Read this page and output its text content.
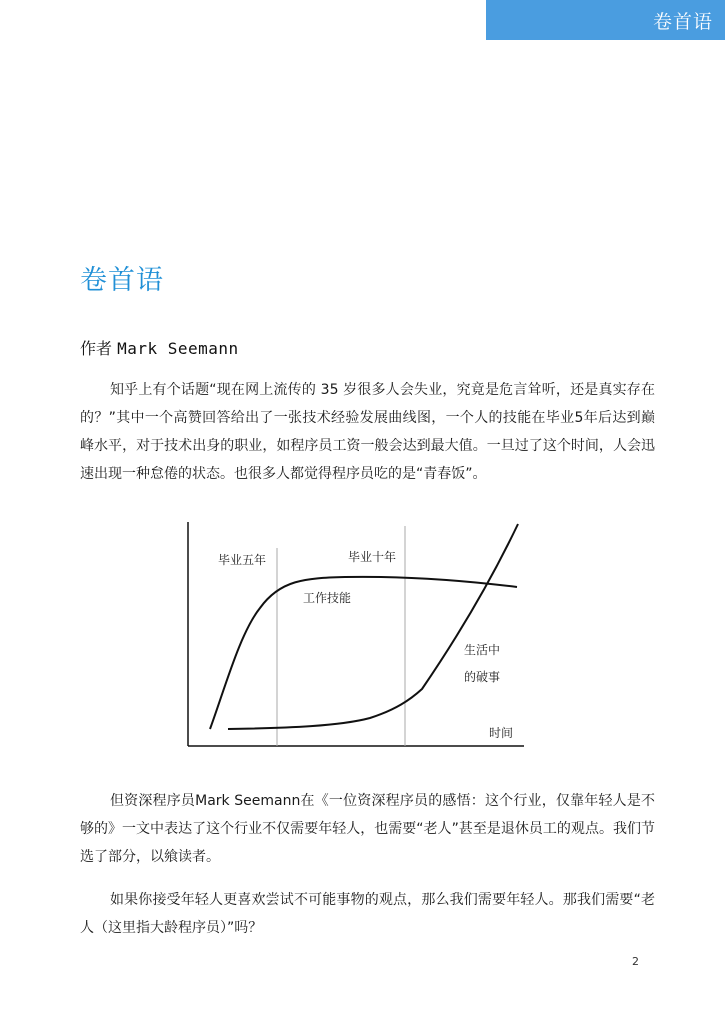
卷首语
卷首语
作者 Mark Seemann
知乎上有个话题“现在网上流传的 35 岁很多人会失业，究竟是危言耸听，还是真实存在的？”其中一个高赞回答给出了一张技术经验发展曲线图，一个人的技能在毕业5年后达到巅峰水平，对于技术出身的职业，如程序员工资一般会达到最大值。一旦过了这个时间，人会迅速出现一种怠倦的状态。也很多人都觉得程序员吃的是“青春饭”。
毕业五年	毕业十年
工作技能
生活中
的破事
时间
但资深程序员Mark Seemann在《一位资深程序员的感悟：这个行业，仅靠年轻人是不够的》一文中表达了这个行业不仅需要年轻人，也需要“老人”甚至是退休员工的观点。我们节选了部分，以飨读者。
如果你接受年轻人更喜欢尝试不可能事物的观点，那么我们需要年轻人。那我们需要“老人（这里指大龄程序员）”吗？
2
